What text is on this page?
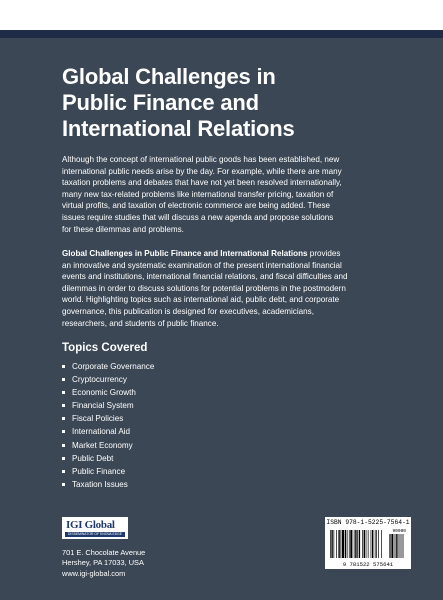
Global Challenges in
Public Finance and
International Relations
Although the concept of international public goods has been established, new
international public needs arise by the day. For example, while there are many
taxation problems and debates that have not yet been resolved internationally,
many new tax-related problems like international transfer pricing, taxation of
virtual profits, and taxation of electronic commerce are being added. These
issues require studies that will discuss a new agenda and propose solutions
for these dilemmas and problems.
Global Challenges in Public Finance and International Relations provides
an innovative and systematic examination of the present international financial
events and institutions, international financial relations, and fiscal difficulties and
dilemmas in order to discuss solutions for potential problems in the postmodern
world. Highlighting topics such as international aid, public debt, and corporate
governance, this publication is designed for executives, academicians,
researchers, and students of public finance.
Topics Covered
Corporate Governance
Cryptocurrency
Economic Growth
Financial System
Fiscal Policies
International Aid
Market Economy
Public Debt
Public Finance
Taxation Issues
IGI Global
DISSEMINATOR OF KNOWLEDGE
701 E. Chocolate Avenue
Hershey, PA 17033, USA
www.igi-global.com
ISBN 978-1-5225-7564-1
90000
9 781522 575641
